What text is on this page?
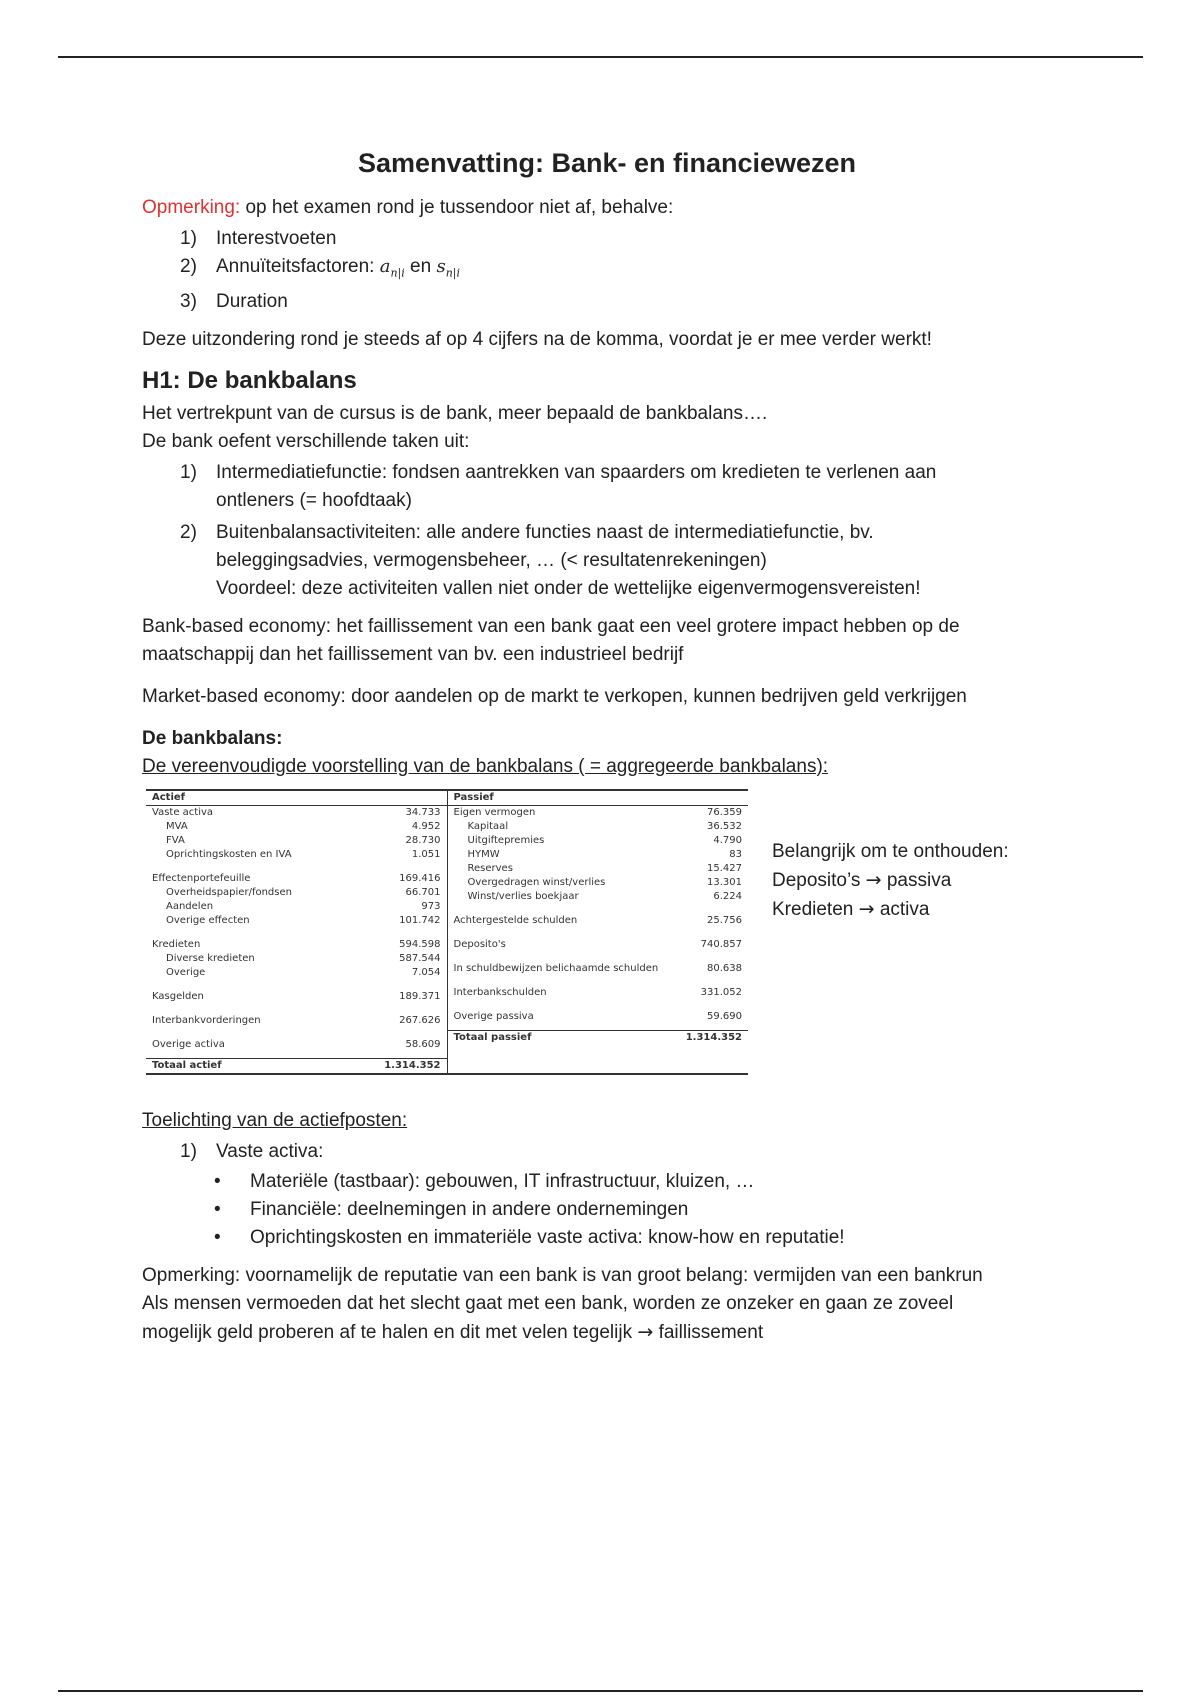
Samenvatting: Bank- en financiewezen

Opmerking: op het examen rond je tussendoor niet af, behalve:

1)	Interestvoeten
2)	Annuïteitsfactoren: $a_{n|i}$ en $s_{n|i}$
3)	Duration

Deze uitzondering rond je steeds af op 4 cijfers na de komma, voordat je er mee verder werkt!

H1: De bankbalans

Het vertrekpunt van de cursus is de bank, meer bepaald de bankbalans….

De bank oefent verschillende taken uit:

1)	Intermediatiefunctie: fondsen aantrekken van spaarders om kredieten te verlenen aan
ontleners (= hoofdtaak)
2)	Buitenbalansactiviteiten: alle andere functies naast de intermediatiefunctie, bv.
beleggingsadvies, vermogensbeheer, … (< resultatenrekeningen)
Voordeel: deze activiteiten vallen niet onder de wettelijke eigenvermogensvereisten!

Bank-based economy: het faillissement van een bank gaat een veel grotere impact hebben op de maatschappij dan het faillissement van bv. een industrieel bedrijf

Market-based economy: door aandelen op de markt te verkopen, kunnen bedrijven geld verkrijgen

De bankbalans:

De vereenvoudigde voorstelling van de bankbalans ( = aggregeerde bankbalans):

Actief
Vaste activa	34.733
MVA	4.952
FVA	28.730
Oprichtingskosten en IVA	1.051
Effectenportefeuille	169.416
Overheidspapier/fondsen	66.701
Aandelen	973
Overige effecten	101.742
Kredieten	594.598
Diverse kredieten	587.544
Overige	7.054
Kasgelden	189.371
Interbankvorderingen	267.626
Overige activa	58.609
Totaal actief	1.314.352
Passief
Eigen vermogen	76.359
Kapitaal	36.532
Uitgiftepremies	4.790
HYMW	83
Reserves	15.427
Overgedragen winst/verlies	13.301
Winst/verlies boekjaar	6.224
Achtergestelde schulden	25.756
Deposito's	740.857
In schuldbewijzen belichaamde schulden	80.638
Interbankschulden	331.052
Overige passiva	59.690
Totaal passief	1.314.352
Belangrijk om te onthouden:
Deposito’s → passiva
Kredieten → activa

Toelichting van de actiefposten:

1)	Vaste activa:
•	Materiële (tastbaar): gebouwen, IT infrastructuur, kluizen, …
•	Financiële: deelnemingen in andere ondernemingen
•	Oprichtingskosten en immateriële vaste activa: know-how en reputatie!

Opmerking: voornamelijk de reputatie van een bank is van groot belang: vermijden van een bankrun

Als mensen vermoeden dat het slecht gaat met een bank, worden ze onzeker en gaan ze zoveel

mogelijk geld proberen af te halen en dit met velen tegelijk → faillissement
